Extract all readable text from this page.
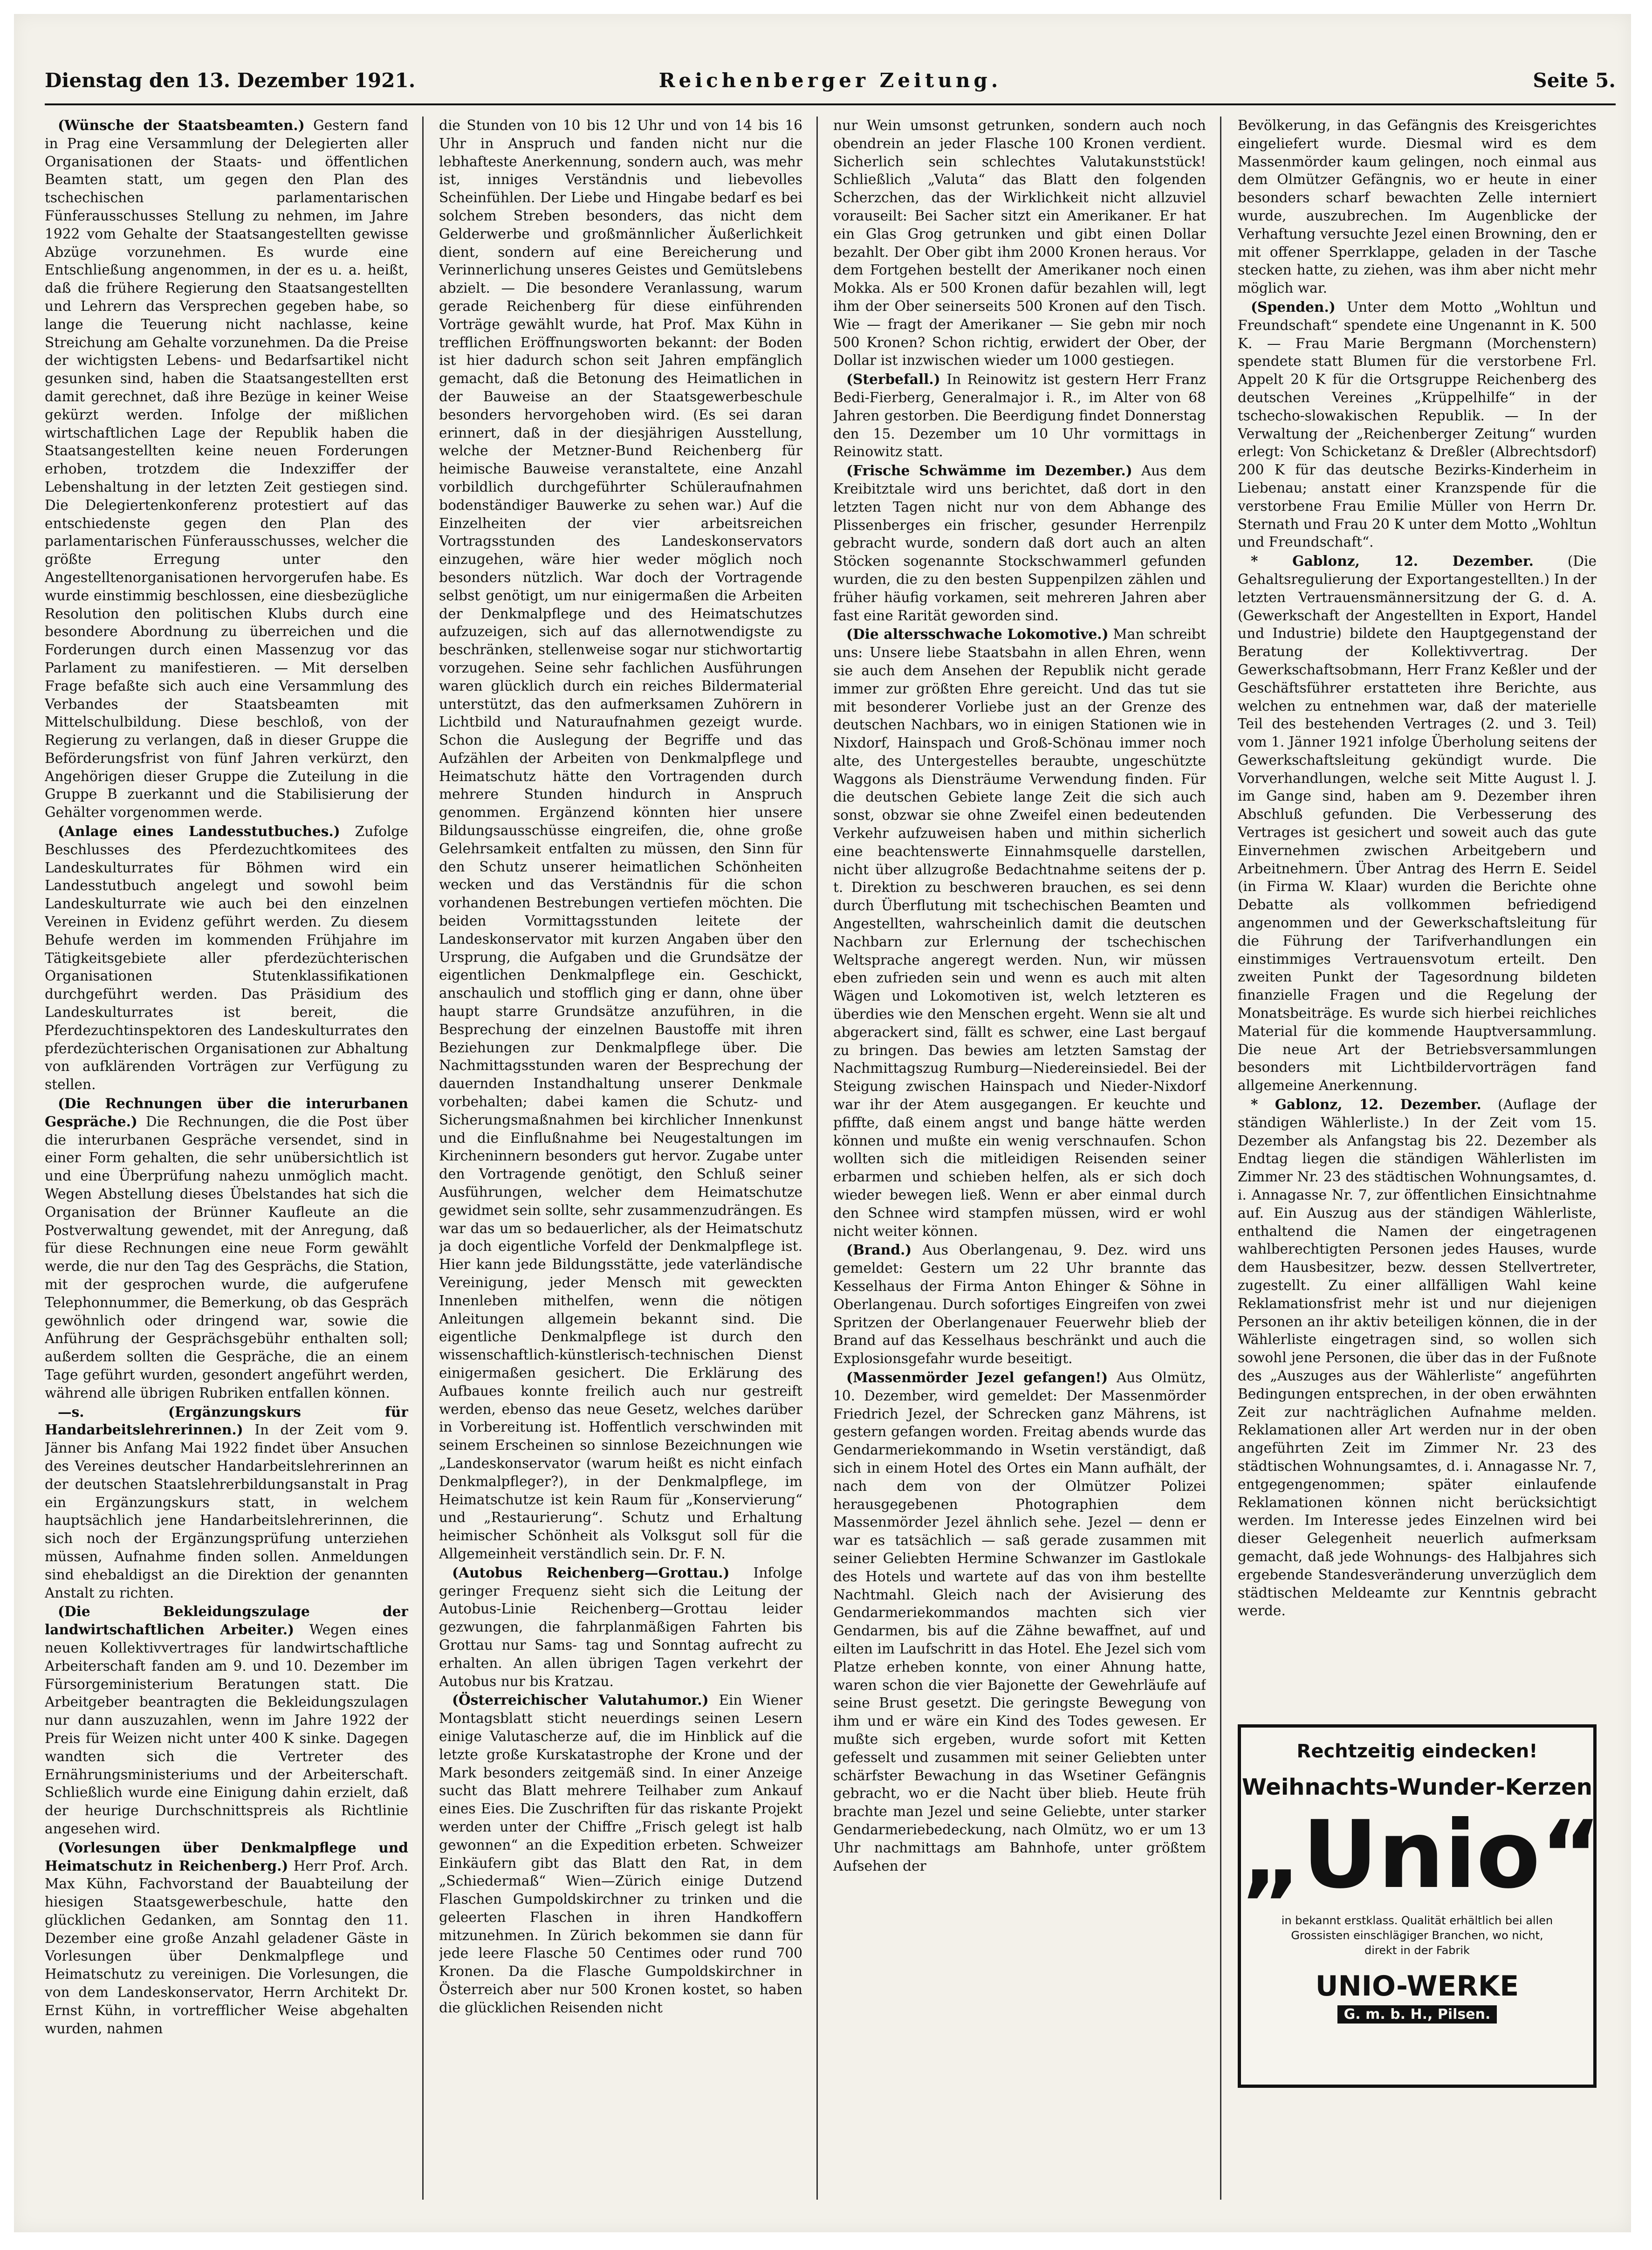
Dienstag den 13. Dezember 1921.	Reichenberger Zeitung.	Seite 5.

(Wünsche der Staatsbeamten.) Gestern fand in Prag eine Versammlung der Delegierten aller Organisationen der Staats- und öffentlichen Beamten statt, um gegen den Plan des tschechischen parlamentarischen Fünferausschusses Stellung zu nehmen, im Jahre 1922 vom Gehalte der Staatsangestellten gewisse Abzüge vorzunehmen. Es wurde eine Entschließung angenommen, in der es u. a. heißt, daß die frühere Regierung den Staatsangestellten und Lehrern das Versprechen gegeben habe, so lange die Teuerung nicht nachlasse, keine Streichung am Gehalte vorzunehmen. Da die Preise der wichtigsten Lebens- und Bedarfsartikel nicht gesunken sind, haben die Staatsangestellten erst damit gerechnet, daß ihre Bezüge in keiner Weise gekürzt werden. Infolge der mißlichen wirtschaftlichen Lage der Republik haben die Staatsangestellten keine neuen Forderungen erhoben, trotzdem die Indexziffer der Lebenshaltung in der letzten Zeit gestiegen sind. Die Delegiertenkonferenz protestiert auf das entschiedenste gegen den Plan des parlamentarischen Fünferausschusses, welcher die größte Erregung unter den Angestelltenorganisationen hervorgerufen habe. Es wurde einstimmig beschlossen, eine diesbezügliche Resolution den politischen Klubs durch eine besondere Abordnung zu überreichen und die Forderungen durch einen Massenzug vor das Parlament zu manifestieren. — Mit derselben Frage befaßte sich auch eine Versammlung des Verbandes der Staatsbeamten mit Mittelschulbildung. Diese beschloß, von der Regierung zu verlangen, daß in dieser Gruppe die Beförderungsfrist von fünf Jahren verkürzt, den Angehörigen dieser Gruppe die Zuteilung in die Gruppe B zuerkannt und die Stabilisierung der Gehälter vorgenommen werde.

(Anlage eines Landesstutbuches.) Zufolge Beschlusses des Pferdezuchtkomitees des Landeskulturrates für Böhmen wird ein Landesstutbuch angelegt und sowohl beim Landeskulturrate wie auch bei den einzelnen Vereinen in Evidenz geführt werden. Zu diesem Behufe werden im kommenden Frühjahre im Tätigkeitsgebiete aller pferdezüchterischen Organisationen Stutenklassifikationen durchgeführt werden. Das Präsidium des Landeskulturrates ist bereit, die Pferdezuchtinspektoren des Landeskulturrates den pferdezüchterischen Organisationen zur Abhaltung von aufklärenden Vorträgen zur Verfügung zu stellen.

(Die Rechnungen über die interurbanen Gespräche.) Die Rechnungen, die die Post über die interurbanen Gespräche versendet, sind in einer Form gehalten, die sehr unübersichtlich ist und eine Überprüfung nahezu unmöglich macht. Wegen Abstellung dieses Übelstandes hat sich die Organisation der Brünner Kaufleute an die Postverwaltung gewendet, mit der Anregung, daß für diese Rechnungen eine neue Form gewählt werde, die nur den Tag des Gesprächs, die Station, mit der gesprochen wurde, die aufgerufene Telephonnummer, die Bemerkung, ob das Gespräch gewöhnlich oder dringend war, sowie die Anführung der Gesprächsgebühr enthalten soll; außerdem sollten die Gespräche, die an einem Tage geführt wurden, gesondert angeführt werden, während alle übrigen Rubriken entfallen können.

—s. (Ergänzungskurs für Handarbeitslehrerinnen.) In der Zeit vom 9. Jänner bis Anfang Mai 1922 findet über Ansuchen des Vereines deutscher Handarbeitslehrerinnen an der deutschen Staatslehrerbildungsanstalt in Prag ein Ergänzungskurs statt, in welchem hauptsächlich jene Handarbeitslehrerinnen, die sich noch der Ergänzungsprüfung unterziehen müssen, Aufnahme finden sollen. Anmeldungen sind ehebaldigst an die Direktion der genannten Anstalt zu richten.

(Die Bekleidungszulage der landwirtschaftlichen Arbeiter.) Wegen eines neuen Kollektivvertrages für landwirtschaftliche Arbeiterschaft fanden am 9. und 10. Dezember im Fürsorgeministerium Beratungen statt. Die Arbeitgeber beantragten die Bekleidungszulagen nur dann auszuzahlen, wenn im Jahre 1922 der Preis für Weizen nicht unter 400 K sinke. Dagegen wandten sich die Vertreter des Ernährungsministeriums und der Arbeiterschaft. Schließlich wurde eine Einigung dahin erzielt, daß der heurige Durchschnittspreis als Richtlinie angesehen wird.

(Vorlesungen über Denkmalpflege und Heimatschutz in Reichenberg.) Herr Prof. Arch. Max Kühn, Fachvorstand der Bauabteilung der hiesigen Staatsgewerbeschule, hatte den glücklichen Gedanken, am Sonntag den 11. Dezember eine große Anzahl geladener Gäste in Vorlesungen über Denkmalpflege und Heimatschutz zu vereinigen. Die Vorlesungen, die von dem Landeskonservator, Herrn Architekt Dr. Ernst Kühn, in vortrefflicher Weise abgehalten wurden, nahmen

die Stunden von 10 bis 12 Uhr und von 14 bis 16 Uhr in Anspruch und fanden nicht nur die lebhafteste Anerkennung, sondern auch, was mehr ist, inniges Verständnis und liebevolles Scheinfühlen. Der Liebe und Hingabe bedarf es bei solchem Streben besonders, das nicht dem Gelderwerbe und großmännlicher Äußerlichkeit dient, sondern auf eine Bereicherung und Verinnerlichung unseres Geistes und Gemütslebens abzielt. — Die besondere Veranlassung, warum gerade Reichenberg für diese einführenden Vorträge gewählt wurde, hat Prof. Max Kühn in trefflichen Eröffnungsworten bekannt: der Boden ist hier dadurch schon seit Jahren empfänglich gemacht, daß die Betonung des Heimatlichen in der Bauweise an der Staatsgewerbeschule besonders hervorgehoben wird. (Es sei daran erinnert, daß in der diesjährigen Ausstellung, welche der Metzner-Bund Reichenberg für heimische Bauweise veranstaltete, eine Anzahl vorbildlich durchgeführter Schüleraufnahmen bodenständiger Bauwerke zu sehen war.) Auf die Einzelheiten der vier arbeitsreichen Vortragsstunden des Landeskonservators einzugehen, wäre hier weder möglich noch besonders nützlich. War doch der Vortragende selbst genötigt, um nur einigermaßen die Arbeiten der Denkmalpflege und des Heimatschutzes aufzuzeigen, sich auf das allernotwendigste zu beschränken, stellenweise sogar nur stichwortartig vorzugehen. Seine sehr fachlichen Ausführungen waren glücklich durch ein reiches Bildermaterial unterstützt, das den aufmerksamen Zuhörern in Lichtbild und Naturaufnahmen gezeigt wurde. Schon die Auslegung der Begriffe und das Aufzählen der Arbeiten von Denkmalpflege und Heimatschutz hätte den Vortragenden durch mehrere Stunden hindurch in Anspruch genommen. Ergänzend könnten hier unsere Bildungsausschüsse eingreifen, die, ohne große Gelehrsamkeit entfalten zu müssen, den Sinn für den Schutz unserer heimatlichen Schönheiten wecken und das Verständnis für die schon vorhandenen Bestrebungen vertiefen möchten. Die beiden Vormittagsstunden leitete der Landeskonservator mit kurzen Angaben über den Ursprung, die Aufgaben und die Grundsätze der eigentlichen Denkmalpflege ein. Geschickt, anschaulich und stofflich ging er dann, ohne über haupt starre Grundsätze anzuführen, in die Besprechung der einzelnen Baustoffe mit ihren Beziehungen zur Denkmalpflege über. Die Nachmittagsstunden waren der Besprechung der dauernden Instandhaltung unserer Denkmale vorbehalten; dabei kamen die Schutz- und Sicherungsmaßnahmen bei kirchlicher Innenkunst und die Einflußnahme bei Neugestaltungen im Kircheninnern besonders gut hervor. Zugabe unter den Vortragende genötigt, den Schluß seiner Ausführungen, welcher dem Heimatschutze gewidmet sein sollte, sehr zusammenzudrängen. Es war das um so bedauerlicher, als der Heimatschutz ja doch eigentliche Vorfeld der Denkmalpflege ist. Hier kann jede Bildungsstätte, jede vaterländische Vereinigung, jeder Mensch mit geweckten Innenleben mithelfen, wenn die nötigen Anleitungen allgemein bekannt sind. Die eigentliche Denkmalpflege ist durch den wissenschaftlich-künstlerisch-technischen Dienst einigermaßen gesichert. Die Erklärung des Aufbaues konnte freilich auch nur gestreift werden, ebenso das neue Gesetz, welches darüber in Vorbereitung ist. Hoffentlich verschwinden mit seinem Erscheinen so sinnlose Bezeichnungen wie „Landeskonservator (warum heißt es nicht einfach Denkmalpfleger?), in der Denkmalpflege, im Heimatschutze ist kein Raum für „Konservierung“ und „Restaurierung“. Schutz und Erhaltung heimischer Schönheit als Volksgut soll für die Allgemeinheit verständlich sein. Dr. F. N.

(Autobus Reichenberg—Grottau.) Infolge geringer Frequenz sieht sich die Leitung der Autobus-Linie Reichenberg—Grottau leider gezwungen, die fahrplanmäßigen Fahrten bis Grottau nur Sams- tag und Sonntag aufrecht zu erhalten. An allen übrigen Tagen verkehrt der Autobus nur bis Kratzau.

(Österreichischer Valutahumor.) Ein Wiener Montagsblatt sticht neuerdings seinen Lesern einige Valutascherze auf, die im Hinblick auf die letzte große Kurskatastrophe der Krone und der Mark besonders zeitgemäß sind. In einer Anzeige sucht das Blatt mehrere Teilhaber zum Ankauf eines Eies. Die Zuschriften für das riskante Projekt werden unter der Chiffre „Frisch gelegt ist halb gewonnen“ an die Expedition erbeten. Schweizer Einkäufern gibt das Blatt den Rat, in dem „Schiedermaß“ Wien—Zürich einige Dutzend Flaschen Gumpoldskirchner zu trinken und die geleerten Flaschen in ihren Handkoffern mitzunehmen. In Zürich bekommen sie dann für jede leere Flasche 50 Centimes oder rund 700 Kronen. Da die Flasche Gumpoldskirchner in Österreich aber nur 500 Kronen kostet, so haben die glücklichen Reisenden nicht

nur Wein umsonst getrunken, sondern auch noch obendrein an jeder Flasche 100 Kronen verdient. Sicherlich sein schlechtes Valutakunststück! Schließlich „Valuta“ das Blatt den folgenden Scherzchen, das der Wirklichkeit nicht allzuviel vorauseilt: Bei Sacher sitzt ein Amerikaner. Er hat ein Glas Grog getrunken und gibt einen Dollar bezahlt. Der Ober gibt ihm 2000 Kronen heraus. Vor dem Fortgehen bestellt der Amerikaner noch einen Mokka. Als er 500 Kronen dafür bezahlen will, legt ihm der Ober seinerseits 500 Kronen auf den Tisch. Wie — fragt der Amerikaner — Sie gebn mir noch 500 Kronen? Schon richtig, erwidert der Ober, der Dollar ist inzwischen wieder um 1000 gestiegen.

(Sterbefall.) In Reinowitz ist gestern Herr Franz Bedi-Fierberg, Generalmajor i. R., im Alter von 68 Jahren gestorben. Die Beerdigung findet Donnerstag den 15. Dezember um 10 Uhr vormittags in Reinowitz statt.

(Frische Schwämme im Dezember.) Aus dem Kreibitztale wird uns berichtet, daß dort in den letzten Tagen nicht nur von dem Abhange des Plissenberges ein frischer, gesunder Herrenpilz gebracht wurde, sondern daß dort auch an alten Stöcken sogenannte Stockschwammerl gefunden wurden, die zu den besten Suppenpilzen zählen und früher häufig vorkamen, seit mehreren Jahren aber fast eine Rarität geworden sind.

(Die altersschwache Lokomotive.) Man schreibt uns: Unsere liebe Staatsbahn in allen Ehren, wenn sie auch dem Ansehen der Republik nicht gerade immer zur größten Ehre gereicht. Und das tut sie mit besonderer Vorliebe just an der Grenze des deutschen Nachbars, wo in einigen Stationen wie in Nixdorf, Hainspach und Groß-Schönau immer noch alte, des Untergestelles beraubte, ungeschützte Waggons als Diensträume Verwendung finden. Für die deutschen Gebiete lange Zeit die sich auch sonst, obzwar sie ohne Zweifel einen bedeutenden Verkehr aufzuweisen haben und mithin sicherlich eine beachtenswerte Einnahmsquelle darstellen, nicht über allzugroße Bedachtnahme seitens der p. t. Direktion zu beschweren brauchen, es sei denn durch Überflutung mit tschechischen Beamten und Angestellten, wahrscheinlich damit die deutschen Nachbarn zur Erlernung der tschechischen Weltsprache angeregt werden. Nun, wir müssen eben zufrieden sein und wenn es auch mit alten Wägen und Lokomotiven ist, welch letzteren es überdies wie den Menschen ergeht. Wenn sie alt und abgerackert sind, fällt es schwer, eine Last bergauf zu bringen. Das bewies am letzten Samstag der Nachmittagszug Rumburg—Niedereinsiedel. Bei der Steigung zwischen Hainspach und Nieder-Nixdorf war ihr der Atem ausgegangen. Er keuchte und pfiffte, daß einem angst und bange hätte werden können und mußte ein wenig verschnaufen. Schon wollten sich die mitleidigen Reisenden seiner erbarmen und schieben helfen, als er sich doch wieder bewegen ließ. Wenn er aber einmal durch den Schnee wird stampfen müssen, wird er wohl nicht weiter können.

(Brand.) Aus Oberlangenau, 9. Dez. wird uns gemeldet: Gestern um 22 Uhr brannte das Kesselhaus der Firma Anton Ehinger & Söhne in Oberlangenau. Durch sofortiges Eingreifen von zwei Spritzen der Oberlangenauer Feuerwehr blieb der Brand auf das Kesselhaus beschränkt und auch die Explosionsgefahr wurde beseitigt.

(Massenmörder Jezel gefangen!) Aus Olmütz, 10. Dezember, wird gemeldet: Der Massenmörder Friedrich Jezel, der Schrecken ganz Mährens, ist gestern gefangen worden. Freitag abends wurde das Gendarmeriekommando in Wsetin verständigt, daß sich in einem Hotel des Ortes ein Mann aufhält, der nach dem von der Olmützer Polizei herausgegebenen Photographien dem Massenmörder Jezel ähnlich sehe. Jezel — denn er war es tatsächlich — saß gerade zusammen mit seiner Geliebten Hermine Schwanzer im Gastlokale des Hotels und wartete auf das von ihm bestellte Nachtmahl. Gleich nach der Avisierung des Gendarmeriekommandos machten sich vier Gendarmen, bis auf die Zähne bewaffnet, auf und eilten im Laufschritt in das Hotel. Ehe Jezel sich vom Platze erheben konnte, von einer Ahnung hatte, waren schon die vier Bajonette der Gewehrläufe auf seine Brust gesetzt. Die geringste Bewegung von ihm und er wäre ein Kind des Todes gewesen. Er mußte sich ergeben, wurde sofort mit Ketten gefesselt und zusammen mit seiner Geliebten unter schärfster Bewachung in das Wsetiner Gefängnis gebracht, wo er die Nacht über blieb. Heute früh brachte man Jezel und seine Geliebte, unter starker Gendarmeriebedeckung, nach Olmütz, wo er um 13 Uhr nachmittags am Bahnhofe, unter größtem Aufsehen der

Bevölkerung, in das Gefängnis des Kreisgerichtes eingeliefert wurde. Diesmal wird es dem Massenmörder kaum gelingen, noch einmal aus dem Olmützer Gefängnis, wo er heute in einer besonders scharf bewachten Zelle interniert wurde, auszubrechen. Im Augenblicke der Verhaftung versuchte Jezel einen Browning, den er mit offener Sperrklappe, geladen in der Tasche stecken hatte, zu ziehen, was ihm aber nicht mehr möglich war.

(Spenden.) Unter dem Motto „Wohltun und Freundschaft“ spendete eine Ungenannt in K. 500 K. — Frau Marie Bergmann (Morchenstern) spendete statt Blumen für die verstorbene Frl. Appelt 20 K für die Ortsgruppe Reichenberg des deutschen Vereines „Krüppelhilfe“ in der tschecho-slowakischen Republik. — In der Verwaltung der „Reichenberger Zeitung“ wurden erlegt: Von Schicketanz & Dreßler (Albrechtsdorf) 200 K für das deutsche Bezirks-Kinderheim in Liebenau; anstatt einer Kranzspende für die verstorbene Frau Emilie Müller von Herrn Dr. Sternath und Frau 20 K unter dem Motto „Wohltun und Freundschaft“.

* Gablonz, 12. Dezember. (Die Gehaltsregulierung der Exportangestellten.) In der letzten Vertrauensmännersitzung der G. d. A. (Gewerkschaft der Angestellten in Export, Handel und Industrie) bildete den Hauptgegenstand der Beratung der Kollektivvertrag. Der Gewerkschaftsobmann, Herr Franz Keßler und der Geschäftsführer erstatteten ihre Berichte, aus welchen zu entnehmen war, daß der materielle Teil des bestehenden Vertrages (2. und 3. Teil) vom 1. Jänner 1921 infolge Überholung seitens der Gewerkschaftsleitung gekündigt wurde. Die Vorverhandlungen, welche seit Mitte August l. J. im Gange sind, haben am 9. Dezember ihren Abschluß gefunden. Die Verbesserung des Vertrages ist gesichert und soweit auch das gute Einvernehmen zwischen Arbeitgebern und Arbeitnehmern. Über Antrag des Herrn E. Seidel (in Firma W. Klaar) wurden die Berichte ohne Debatte als vollkommen befriedigend angenommen und der Gewerkschaftsleitung für die Führung der Tarifverhandlungen ein einstimmiges Vertrauensvotum erteilt. Den zweiten Punkt der Tagesordnung bildeten finanzielle Fragen und die Regelung der Monatsbeiträge. Es wurde sich hierbei reichliches Material für die kommende Hauptversammlung. Die neue Art der Betriebsversammlungen besonders mit Lichtbildervorträgen fand allgemeine Anerkennung.

* Gablonz, 12. Dezember. (Auflage der ständigen Wählerliste.) In der Zeit vom 15. Dezember als Anfangstag bis 22. Dezember als Endtag liegen die ständigen Wählerlisten im Zimmer Nr. 23 des städtischen Wohnungsamtes, d. i. Annagasse Nr. 7, zur öffentlichen Einsichtnahme auf. Ein Auszug aus der ständigen Wählerliste, enthaltend die Namen der eingetragenen wahlberechtigten Personen jedes Hauses, wurde dem Hausbesitzer, bezw. dessen Stellvertreter, zugestellt. Zu einer allfälligen Wahl keine Reklamationsfrist mehr ist und nur diejenigen Personen an ihr aktiv beteiligen können, die in der Wählerliste eingetragen sind, so wollen sich sowohl jene Personen, die über das in der Fußnote des „Auszuges aus der Wählerliste“ angeführten Bedingungen entsprechen, in der oben erwähnten Zeit zur nachträglichen Aufnahme melden. Reklamationen aller Art werden nur in der oben angeführten Zeit im Zimmer Nr. 23 des städtischen Wohnungsamtes, d. i. Annagasse Nr. 7, entgegengenommen; später einlaufende Reklamationen können nicht berücksichtigt werden. Im Interesse jedes Einzelnen wird bei dieser Gelegenheit neuerlich aufmerksam gemacht, daß jede Wohnungs- des Halbjahres sich ergebende Standesveränderung unverzüglich dem städtischen Meldeamte zur Kenntnis gebracht werde.

Rechtzeitig eindecken!
Weihnachts-Wunder-Kerzen
„Unio“
in bekannt erstklass. Qualität erhältlich bei allen Grossisten einschlägiger Branchen, wo nicht, direkt in der Fabrik
UNIO-WERKE
G. m. b. H., Pilsen.
